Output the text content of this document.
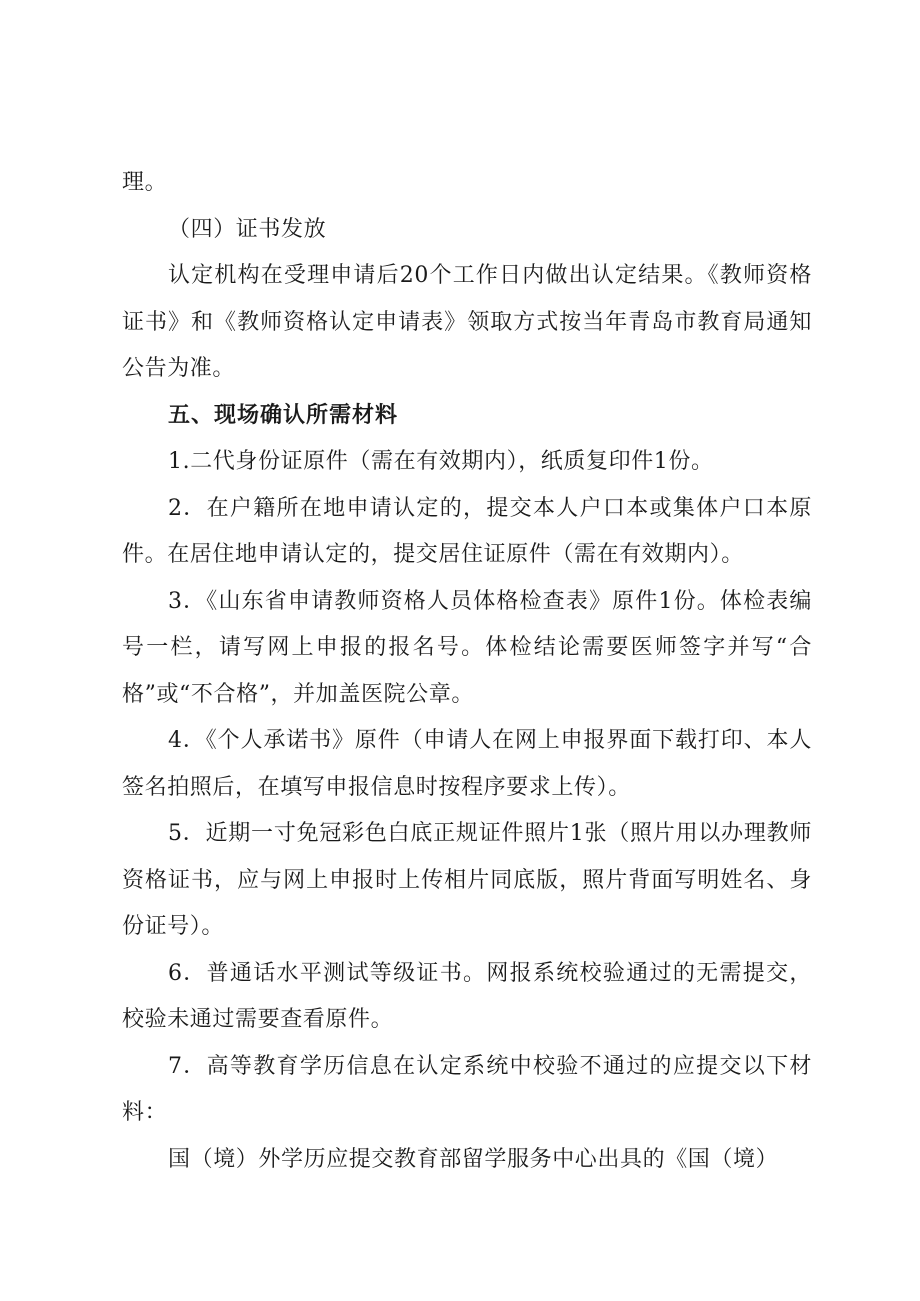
理。

（四）证书发放

认定机构在受理申请后20个工作日内做出认定结果。《教师资格证书》和《教师资格认定申请表》领取方式按当年青岛市教育局通知公告为准。

五、现场确认所需材料

1.二代身份证原件（需在有效期内），纸质复印件1份。

2．在户籍所在地申请认定的，提交本人户口本或集体户口本原件。在居住地申请认定的，提交居住证原件（需在有效期内）。

3．《山东省申请教师资格人员体格检查表》原件1份。体检表编号一栏，请写网上申报的报名号。体检结论需要医师签字并写“合格”或“不合格”，并加盖医院公章。

4．《个人承诺书》原件（申请人在网上申报界面下载打印、本人签名拍照后，在填写申报信息时按程序要求上传）。

5．近期一寸免冠彩色白底正规证件照片1张（照片用以办理教师资格证书，应与网上申报时上传相片同底版，照片背面写明姓名、身份证号）。

6．普通话水平测试等级证书。网报系统校验通过的无需提交，校验未通过需要查看原件。

7．高等教育学历信息在认定系统中校验不通过的应提交以下材料：

国（境）外学历应提交教育部留学服务中心出具的《国（境）
